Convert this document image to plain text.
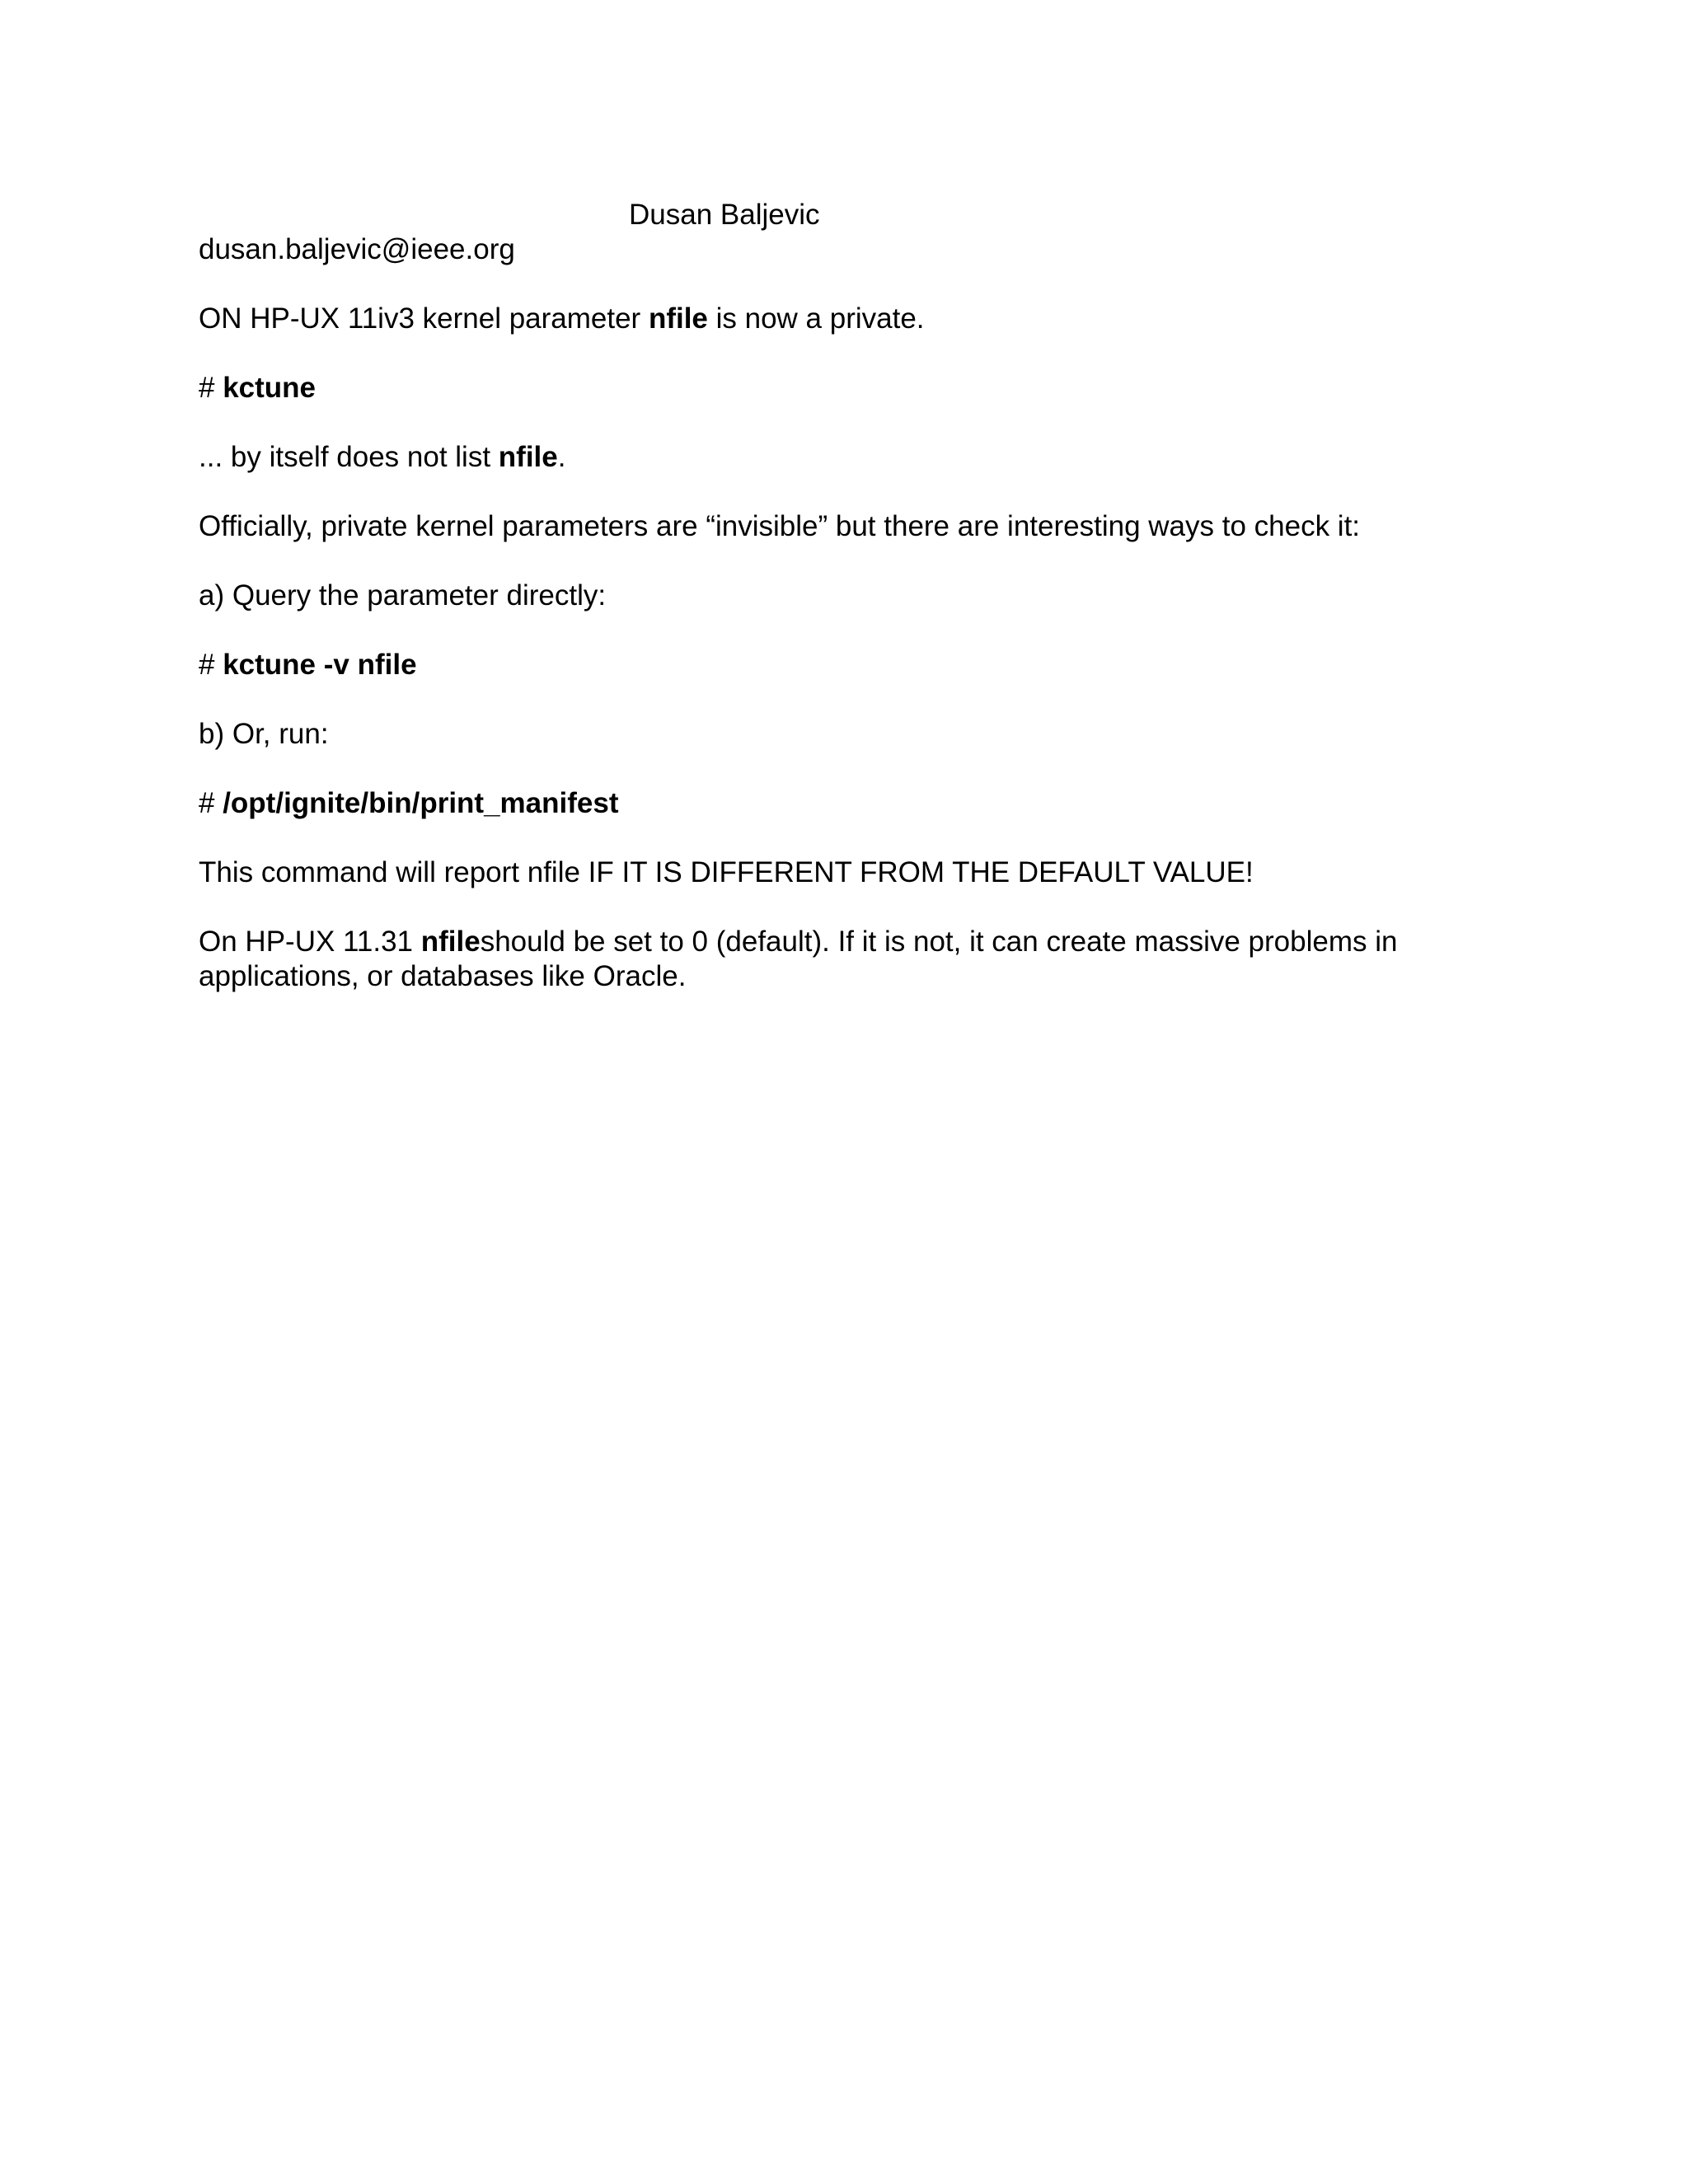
Dusan Baljevic

dusan.baljevic@ieee.org

ON HP-UX 11iv3 kernel parameter nfile is now a private.

# kctune

... by itself does not list nfile.

Officially, private kernel parameters are “invisible” but there are interesting ways to check it:

a) Query the parameter directly:

# kctune -v nfile

b) Or, run:

# /opt/ignite/bin/print_manifest

This command will report nfile IF IT IS DIFFERENT FROM THE DEFAULT VALUE!

On HP-UX 11.31 nfileshould be set to 0 (default). If it is not, it can create massive problems in

applications, or databases like Oracle.
